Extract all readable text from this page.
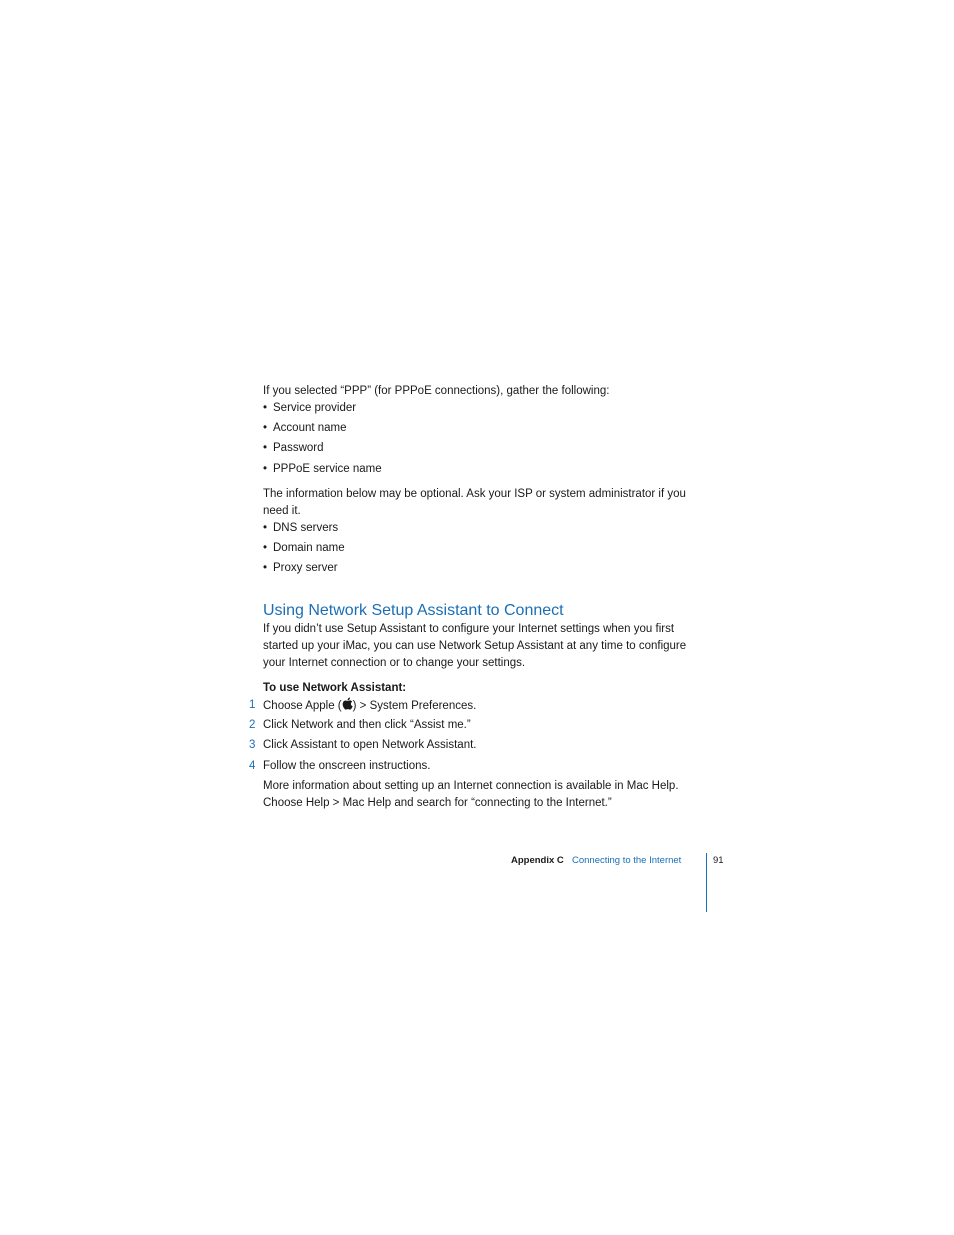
If you selected “PPP” (for PPPoE connections), gather the following:
• Service provider
• Account name
• Password
• PPPoE service name
The information below may be optional. Ask your ISP or system administrator if you
need it.
• DNS servers
• Domain name
• Proxy server
Using Network Setup Assistant to Connect
If you didn’t use Setup Assistant to configure your Internet settings when you first
started up your iMac, you can use Network Setup Assistant at any time to configure
your Internet connection or to change your settings.
To use Network Assistant:
1 Choose Apple ( ) > System Preferences.
2 Click Network and then click “Assist me.”
3 Click Assistant to open Network Assistant.
4 Follow the onscreen instructions.
More information about setting up an Internet connection is available in Mac Help.
Choose Help > Mac Help and search for “connecting to the Internet.”
Appendix C Connecting to the Internet	91
